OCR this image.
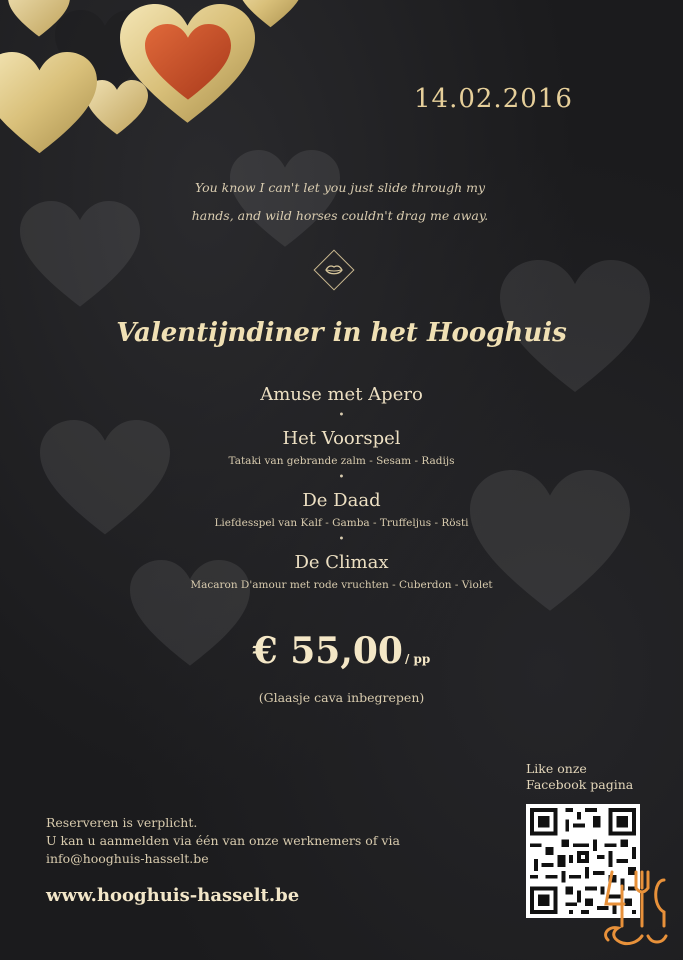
14.02.2016
You know I can't let you just slide through my
hands, and wild horses couldn't drag me away.
Valentijndiner in het Hooghuis
Amuse met Apero
•
Het Voorspel
Tataki van gebrande zalm - Sesam - Radijs
•
De Daad
Liefdesspel van Kalf - Gamba - Truffeljus - Rösti
•
De Climax
Macaron D'amour met rode vruchten - Cuberdon - Violet
€ 55,00 / pp
(Glaasje cava inbegrepen)
Like onze
Facebook pagina
Reserveren is verplicht.
U kan u aanmelden via één van onze werknemers of via
info@hooghuis-hasselt.be
www.hooghuis-hasselt.be
